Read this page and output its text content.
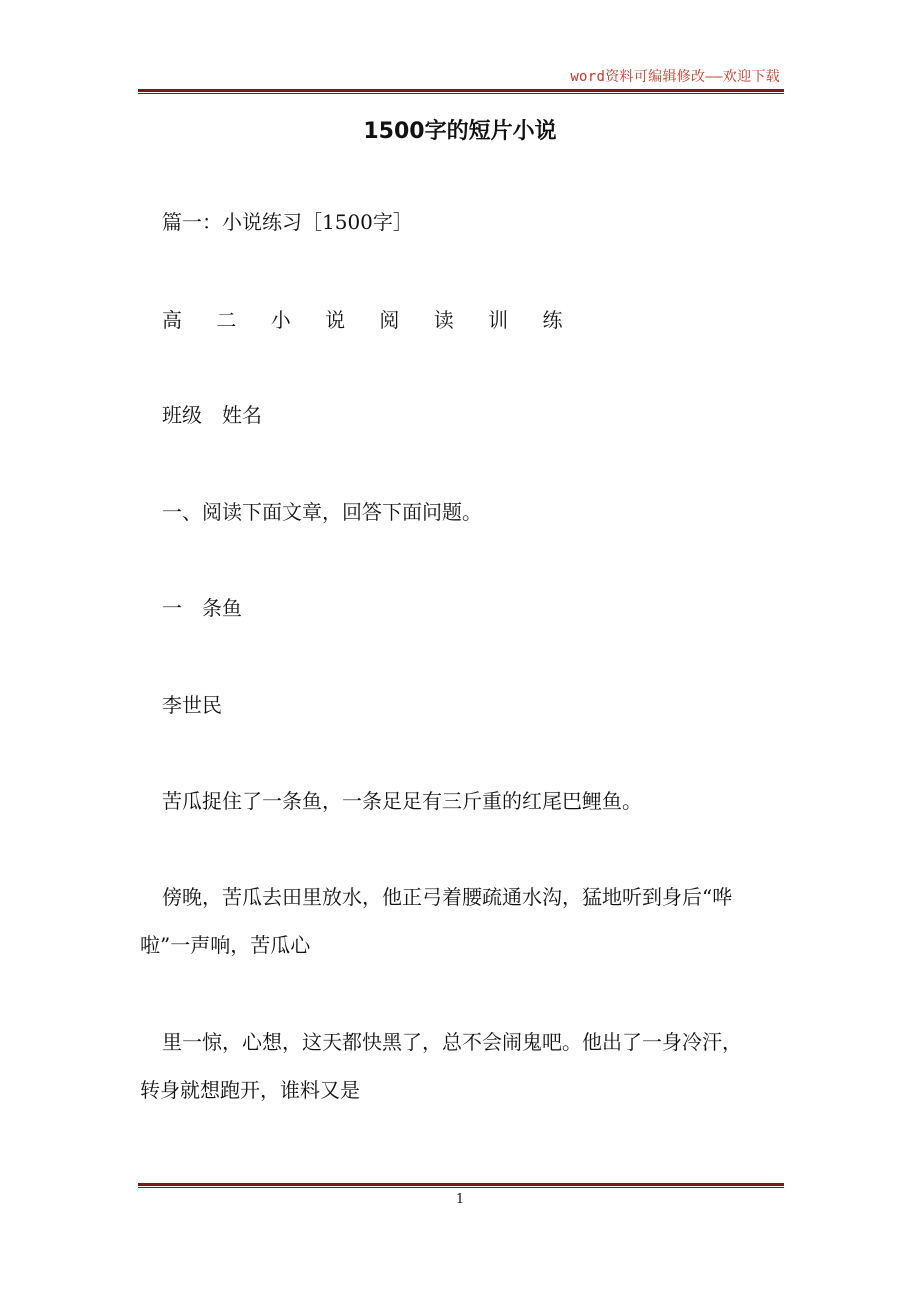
word资料可编辑修改——欢迎下载
1500字的短片小说
篇一：小说练习［1500字］
高 二 小 说 阅 读 训 练
班级　姓名
一、阅读下面文章，回答下面问题。
一　条鱼
李世民
苦瓜捉住了一条鱼，一条足足有三斤重的红尾巴鲤鱼。
傍晚，苦瓜去田里放水，他正弓着腰疏通水沟，猛地听到身后“哗
啦”一声响，苦瓜心
里一惊，心想，这天都快黑了，总不会闹鬼吧。他出了一身冷汗，
转身就想跑开，谁料又是
1
